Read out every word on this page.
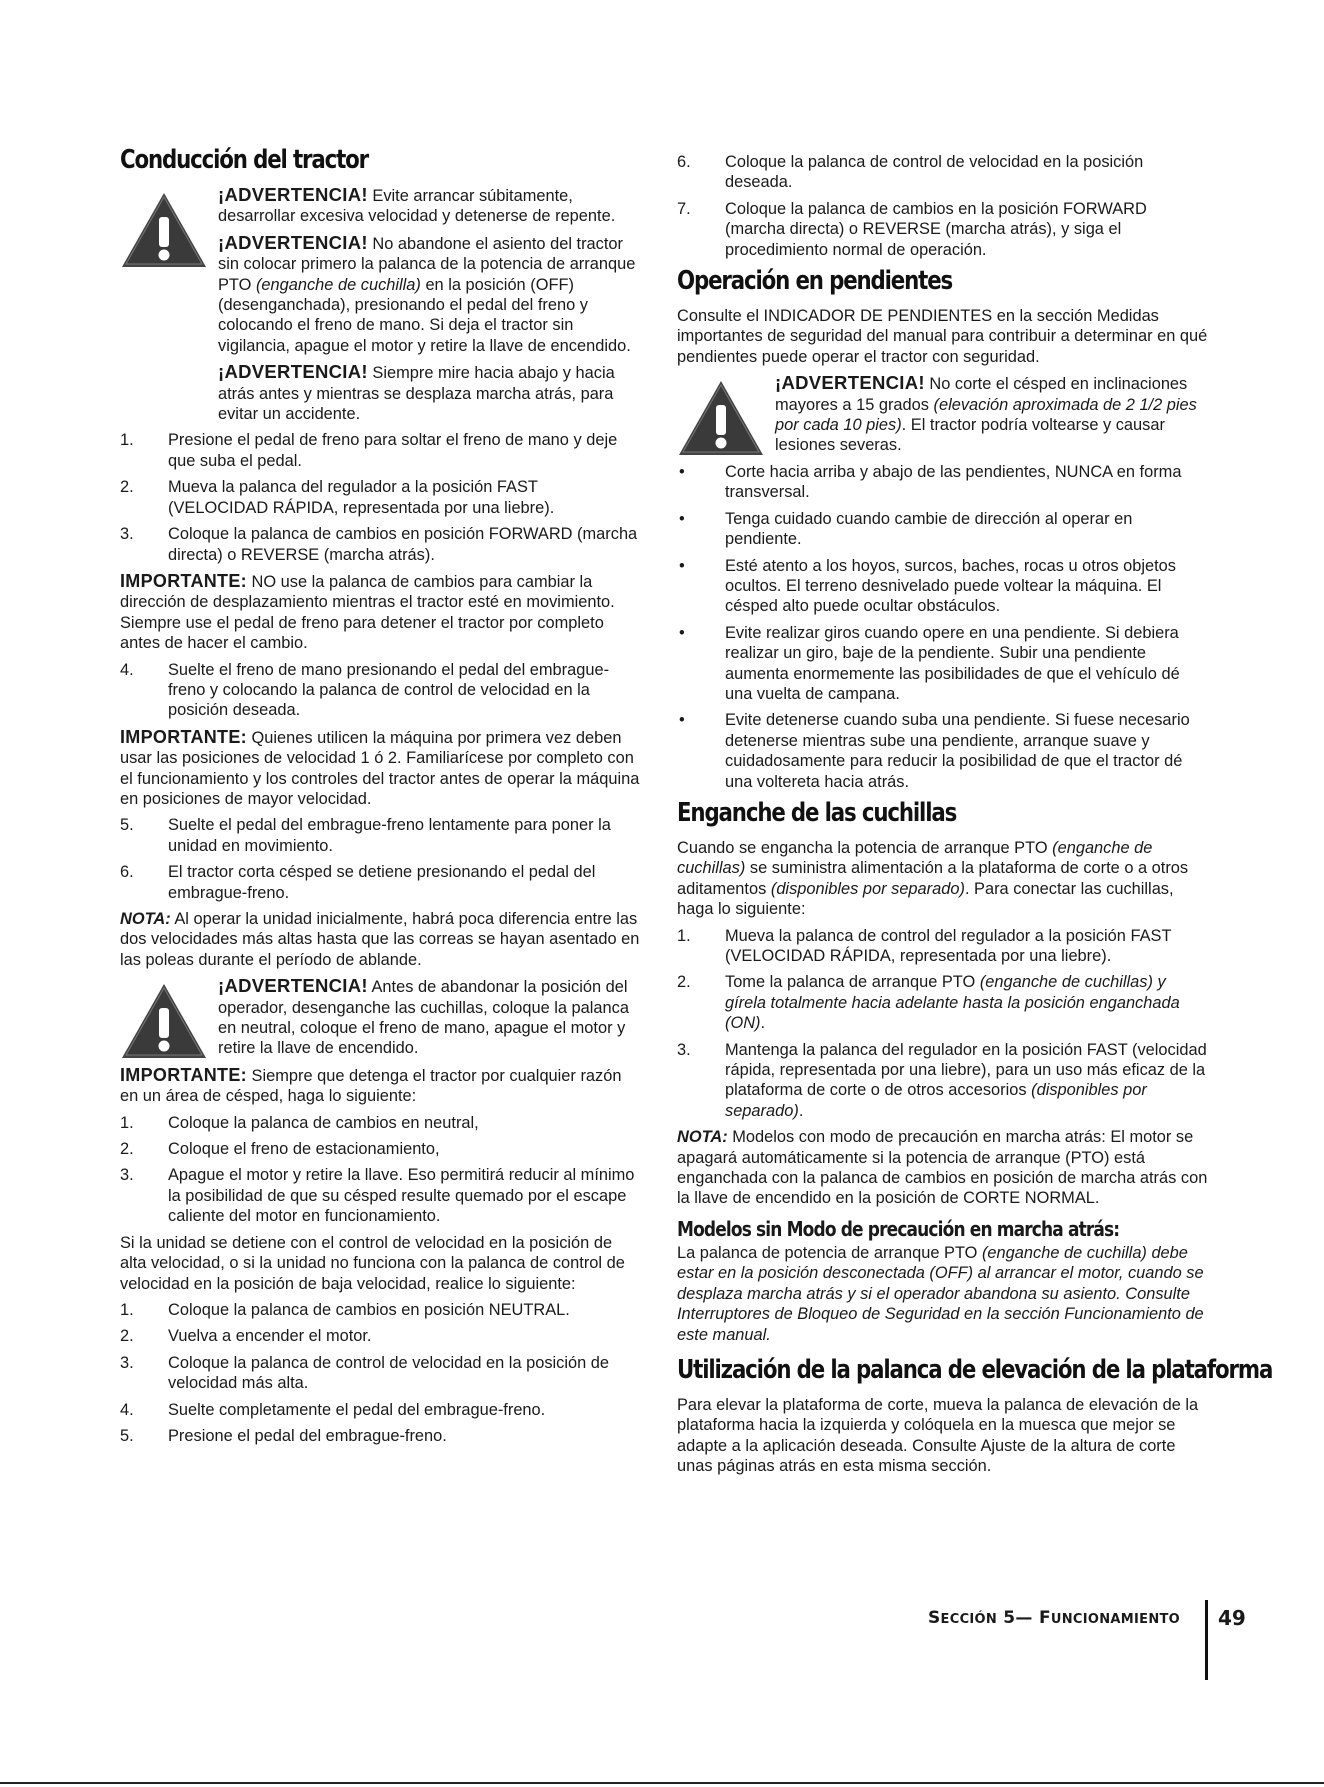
Conducción del tractor

¡ADVERTENCIA! Evite arrancar súbitamente, desarrollar excesiva velocidad y detenerse de repente.

¡ADVERTENCIA! No abandone el asiento del tractor sin colocar primero la palanca de la potencia de arranque PTO (enganche de cuchilla) en la posición (OFF) (desenganchada), presionando el pedal del freno y colocando el freno de mano. Si deja el tractor sin vigilancia, apague el motor y retire la llave de encendido.

¡ADVERTENCIA! Siempre mire hacia abajo y hacia atrás antes y mientras se desplaza marcha atrás, para evitar un accidente.

1. Presione el pedal de freno para soltar el freno de mano y deje que suba el pedal.
2. Mueva la palanca del regulador a la posición FAST (VELOCIDAD RÁPIDA, representada por una liebre).
3. Coloque la palanca de cambios en posición FORWARD (marcha directa) o REVERSE (marcha atrás).

IMPORTANTE: NO use la palanca de cambios para cambiar la dirección de desplazamiento mientras el tractor esté en movimiento. Siempre use el pedal de freno para detener el tractor por completo antes de hacer el cambio.

4. Suelte el freno de mano presionando el pedal del embrague-freno y colocando la palanca de control de velocidad en la posición deseada.

IMPORTANTE: Quienes utilicen la máquina por primera vez deben usar las posiciones de velocidad 1 ó 2. Familiarícese por completo con el funcionamiento y los controles del tractor antes de operar la máquina en posiciones de mayor velocidad.

5. Suelte el pedal del embrague-freno lentamente para poner la unidad en movimiento.
6. El tractor corta césped se detiene presionando el pedal del embrague-freno.

NOTA: Al operar la unidad inicialmente, habrá poca diferencia entre las dos velocidades más altas hasta que las correas se hayan asentado en las poleas durante el período de ablande.

¡ADVERTENCIA! Antes de abandonar la posición del operador, desenganche las cuchillas, coloque la palanca en neutral, coloque el freno de mano, apague el motor y retire la llave de encendido.

IMPORTANTE: Siempre que detenga el tractor por cualquier razón en un área de césped, haga lo siguiente:

1. Coloque la palanca de cambios en neutral,
2. Coloque el freno de estacionamiento,
3. Apague el motor y retire la llave. Eso permitirá reducir al mínimo la posibilidad de que su césped resulte quemado por el escape caliente del motor en funcionamiento.

Si la unidad se detiene con el control de velocidad en la posición de alta velocidad, o si la unidad no funciona con la palanca de control de velocidad en la posición de baja velocidad, realice lo siguiente:

1. Coloque la palanca de cambios en posición NEUTRAL.
2. Vuelva a encender el motor.
3. Coloque la palanca de control de velocidad en la posición de velocidad más alta.
4. Suelte completamente el pedal del embrague-freno.
5. Presione el pedal del embrague-freno.
6. Coloque la palanca de control de velocidad en la posición deseada.
7. Coloque la palanca de cambios en la posición FORWARD (marcha directa) o REVERSE (marcha atrás), y siga el procedimiento normal de operación.
Operación en pendientes

Consulte el INDICADOR DE PENDIENTES en la sección Medidas importantes de seguridad del manual para contribuir a determinar en qué pendientes puede operar el tractor con seguridad.

¡ADVERTENCIA! No corte el césped en inclinaciones mayores a 15 grados (elevación aproximada de 2 1/2 pies por cada 10 pies). El tractor podría voltearse y causar lesiones severas.

• Corte hacia arriba y abajo de las pendientes, NUNCA en forma transversal.
• Tenga cuidado cuando cambie de dirección al operar en pendiente.
• Esté atento a los hoyos, surcos, baches, rocas u otros objetos ocultos. El terreno desnivelado puede voltear la máquina. El césped alto puede ocultar obstáculos.
• Evite realizar giros cuando opere en una pendiente. Si debiera realizar un giro, baje de la pendiente. Subir una pendiente aumenta enormemente las posibilidades de que el vehículo dé una vuelta de campana.
• Evite detenerse cuando suba una pendiente. Si fuese necesario detenerse mientras sube una pendiente, arranque suave y cuidadosamente para reducir la posibilidad de que el tractor dé una voltereta hacia atrás.
Enganche de las cuchillas

Cuando se engancha la potencia de arranque PTO (enganche de cuchillas) se suministra alimentación a la plataforma de corte o a otros aditamentos (disponibles por separado). Para conectar las cuchillas, haga lo siguiente:

1. Mueva la palanca de control del regulador a la posición FAST (VELOCIDAD RÁPIDA, representada por una liebre).
2. Tome la palanca de arranque PTO (enganche de cuchillas) y gírela totalmente hacia adelante hasta la posición enganchada (ON).
3. Mantenga la palanca del regulador en la posición FAST (velocidad rápida, representada por una liebre), para un uso más eficaz de la plataforma de corte o de otros accesorios (disponibles por separado).

NOTA: Modelos con modo de precaución en marcha atrás: El motor se apagará automáticamente si la potencia de arranque (PTO) está enganchada con la palanca de cambios en posición de marcha atrás con la llave de encendido en la posición de CORTE NORMAL.

Modelos sin Modo de precaución en marcha atrás:

La palanca de potencia de arranque PTO (enganche de cuchilla) debe estar en la posición desconectada (OFF) al arrancar el motor, cuando se desplaza marcha atrás y si el operador abandona su asiento. Consulte Interruptores de Bloqueo de Seguridad en la sección Funcionamiento de este manual.

Utilización de la palanca de elevación de la plataforma

Para elevar la plataforma de corte, mueva la palanca de elevación de la plataforma hacia la izquierda y colóquela en la muesca que mejor se adapte a la aplicación deseada. Consulte Ajuste de la altura de corte unas páginas atrás en esta misma sección.

SECCIÓN 5— FUNCIONAMIENTO 49
